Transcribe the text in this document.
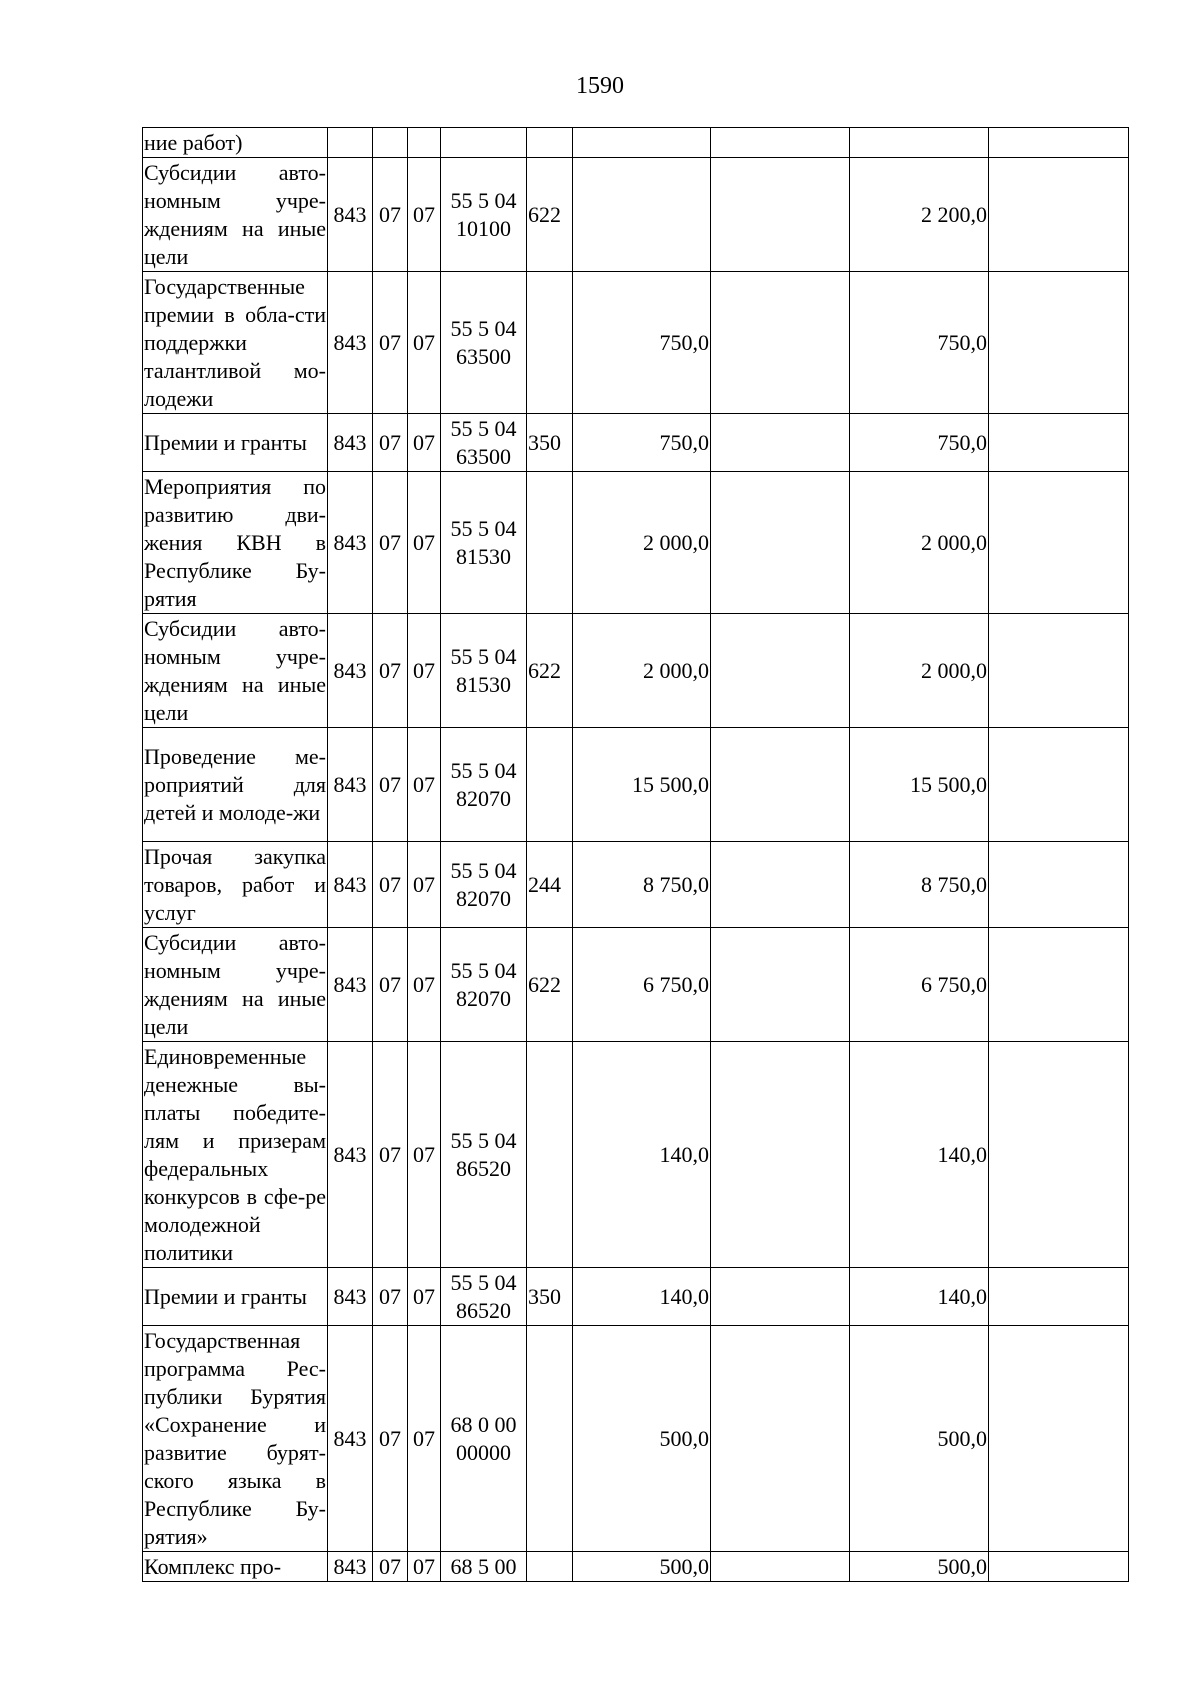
1590
ние работ)									
Субсидии авто-номным учре-ждениям на иные цели	843	07	07	55 5 04 10100	622			2 200,0	
Государственные премии в обла-сти поддержки талантливой мо-лодежи	843	07	07	55 5 04 63500		750,0		750,0	
Премии и гранты	843	07	07	55 5 04 63500	350	750,0		750,0	
Мероприятия по развитию дви-жения КВН в Республике Бу-рятия	843	07	07	55 5 04 81530		2 000,0		2 000,0	
Субсидии авто-номным учре-ждениям на иные цели	843	07	07	55 5 04 81530	622	2 000,0		2 000,0	
Проведение ме-роприятий для детей и молоде-жи	843	07	07	55 5 04 82070		15 500,0		15 500,0	
Прочая закупка товаров, работ и услуг	843	07	07	55 5 04 82070	244	8 750,0		8 750,0	
Субсидии авто-номным учре-ждениям на иные цели	843	07	07	55 5 04 82070	622	6 750,0		6 750,0	
Единовременные денежные вы-платы победите-лям и призерам федеральных конкурсов в сфе-ре молодежной политики	843	07	07	55 5 04 86520		140,0		140,0	
Премии и гранты	843	07	07	55 5 04 86520	350	140,0		140,0	
Государственная программа Рес-публики Бурятия «Сохранение и развитие бурят-ского языка в Республике Бу-рятия»	843	07	07	68 0 00 00000		500,0		500,0	
Комплекс про-	843	07	07	68 5 00		500,0		500,0	
